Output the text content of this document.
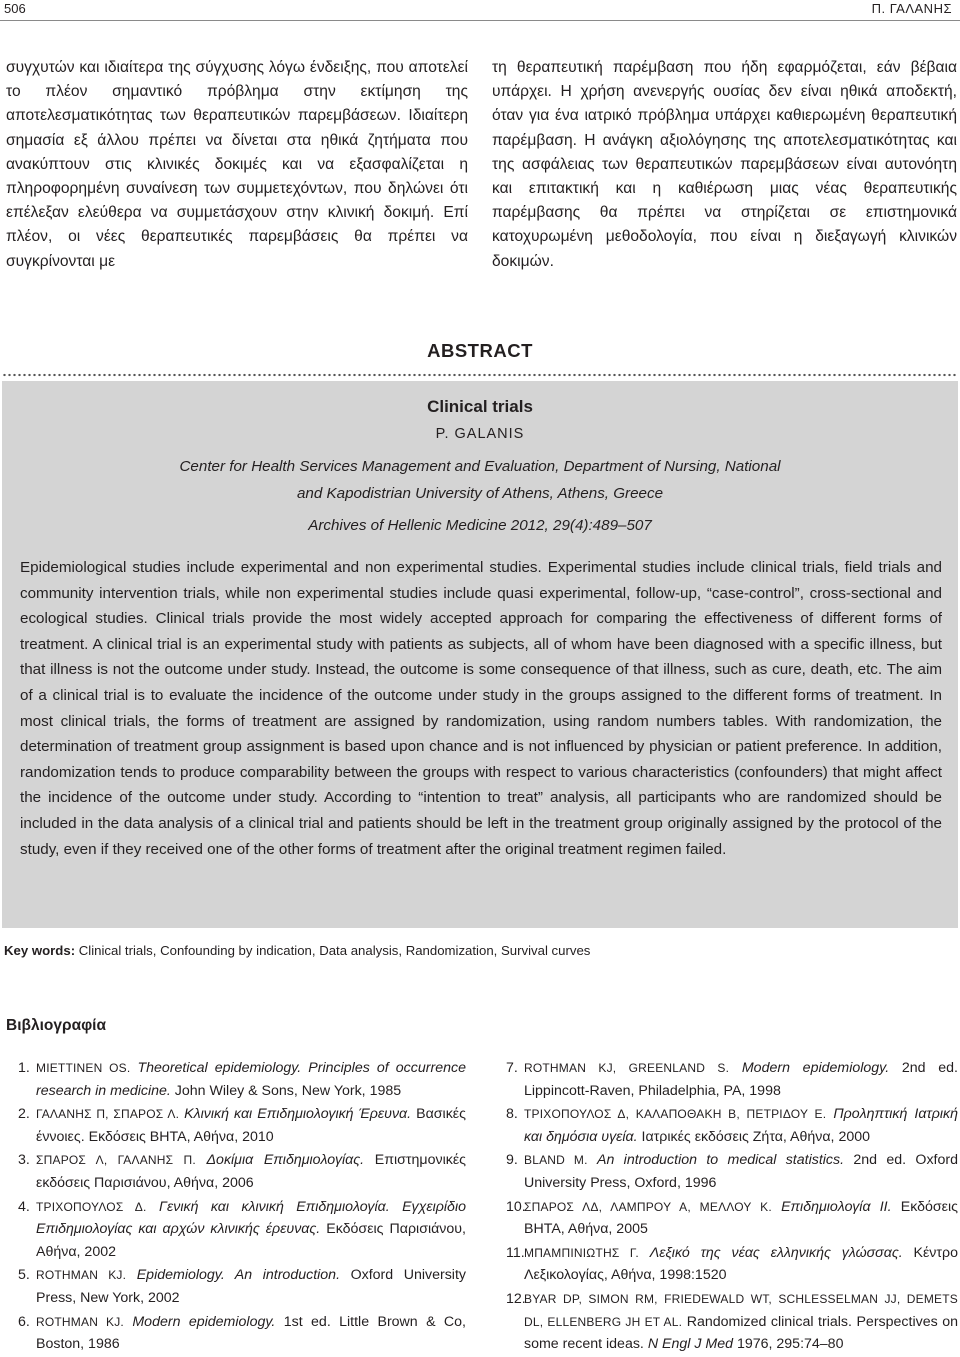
506	Π. ΓΑΛΑΝΗΣ

συγχυτών και ιδιαίτερα της σύγχυσης λόγω ένδειξης, που αποτελεί το πλέον σημαντικό πρόβλημα στην εκτίμηση της αποτελεσματικότητας των θεραπευτικών παρεμβάσεων. Ιδιαίτερη σημασία εξ άλλου πρέπει να δίνεται στα ηθικά ζητήματα που ανακύπτουν στις κλινικές δοκιμές και να εξασφαλίζεται η πληροφορημένη συναίνεση των συμμετεχόντων, που δηλώνει ότι επέλεξαν ελεύθερα να συμμετάσχουν στην κλινική δοκιμή. Επί πλέον, οι νέες θεραπευτικές παρεμβάσεις θα πρέπει να συγκρίνονται με

τη θεραπευτική παρέμβαση που ήδη εφαρμόζεται, εάν βέβαια υπάρχει. Η χρήση ανενεργής ουσίας δεν είναι ηθικά αποδεκτή, όταν για ένα ιατρικό πρόβλημα υπάρχει καθιερωμένη θεραπευτική παρέμβαση. Η ανάγκη αξιολόγησης της αποτελεσματικότητας και της ασφάλειας των θεραπευτικών παρεμβάσεων είναι αυτονόητη και επιτακτική και η καθιέρωση μιας νέας θεραπευτικής παρέμβασης θα πρέπει να στηρίζεται σε επιστημονικά κατοχυρωμένη μεθοδολογία, που είναι η διεξαγωγή κλινικών δοκιμών.

ABSTRACT
Clinical trials
P. GALANIS

Center for Health Services Management and Evaluation, Department of Nursing, National
and Kapodistrian University of Athens, Athens, Greece

Archives of Hellenic Medicine 2012, 29(4):489–507

Epidemiological studies include experimental and non experimental studies. Experimental studies include clinical trials, field trials and community intervention trials, while non experimental studies include quasi experimental, follow-up, “case-control”, cross-sectional and ecological studies. Clinical trials provide the most widely accepted approach for comparing the effectiveness of different forms of treatment. A clinical trial is an experimental study with patients as subjects, all of whom have been diagnosed with a specific illness, but that illness is not the outcome under study. Instead, the outcome is some consequence of that illness, such as cure, death, etc. The aim of a clinical trial is to evaluate the incidence of the outcome under study in the groups assigned to the different forms of treatment. In most clinical trials, the forms of treatment are assigned by randomization, using random numbers tables. With randomization, the determination of treatment group assignment is based upon chance and is not influenced by physician or patient preference. In addition, randomization tends to produce comparability between the groups with respect to various characteristics (confounders) that might affect the incidence of the outcome under study. According to “intention to treat” analysis, all participants who are randomized should be included in the data analysis of a clinical trial and patients should be left in the treatment group originally assigned by the protocol of the study, even if they received one of the other forms of treatment after the original treatment regimen failed.

Key words: Clinical trials, Confounding by indication, Data analysis, Randomization, Survival curves

Βιβλιογραφία
1. MIETTINEN OS. Theoretical epidemiology. Principles of occurrence research in medicine. John Wiley & Sons, New York, 1985
2. ΓΑΛΑΝΗΣ Π, ΣΠΑΡΟΣ Λ. Κλινική και Επιδημιολογική Έρευνα. Βασικές έννοιες. Εκδόσεις ΒΗΤΑ, Αθήνα, 2010
3. ΣΠΑΡΟΣ Λ, ΓΑΛΑΝΗΣ Π. Δοκίμια Επιδημιολογίας. Επιστημονικές εκδόσεις Παρισιάνου, Αθήνα, 2006
4. ΤΡΙΧΟΠΟΥΛΟΣ Δ. Γενική και κλινική Επιδημιολογία. Εγχειρίδιο Επιδημιολογίας και αρχών κλινικής έρευνας. Εκδόσεις Παρισιάνου, Αθήνα, 2002
5. ROTHMAN KJ. Epidemiology. An introduction. Oxford University Press, New York, 2002
6. ROTHMAN KJ. Modern epidemiology. 1st ed. Little Brown & Co, Boston, 1986
7. ROTHMAN KJ, GREENLAND S. Modern epidemiology. 2nd ed. Lippincott-Raven, Philadelphia, PA, 1998
8. ΤΡΙΧΟΠΟΥΛΟΣ Δ, ΚΑΛΑΠΟΘΑΚΗ Β, ΠΕΤΡΙΔΟΥ Ε. Προληπτική Ιατρική και δημόσια υγεία. Ιατρικές εκδόσεις Ζήτα, Αθήνα, 2000
9. BLAND M. An introduction to medical statistics. 2nd ed. Oxford University Press, Oxford, 1996
10.
ΣΠΑΡΟΣ ΛΔ, ΛΑΜΠΡΟΥ Α, ΜΕΛΛΟΥ Κ. Επιδημιολογία ΙΙ. Εκδόσεις ΒΗΤΑ, Αθήνα, 2005
11. ΜΠΑΜΠΙΝΙΩΤΗΣ Γ. Λεξικό της νέας ελληνικής γλώσσας. Κέντρο Λεξικολογίας, Αθήνα, 1998:1520
12.
BYAR DP, SIMON RM, FRIEDEWALD WT, SCHLESSELMAN JJ, DEMETS DL, ELLENBERG JH ET AL. Randomized clinical trials. Perspectives on some recent ideas. N Engl J Med 1976, 295:74–80
